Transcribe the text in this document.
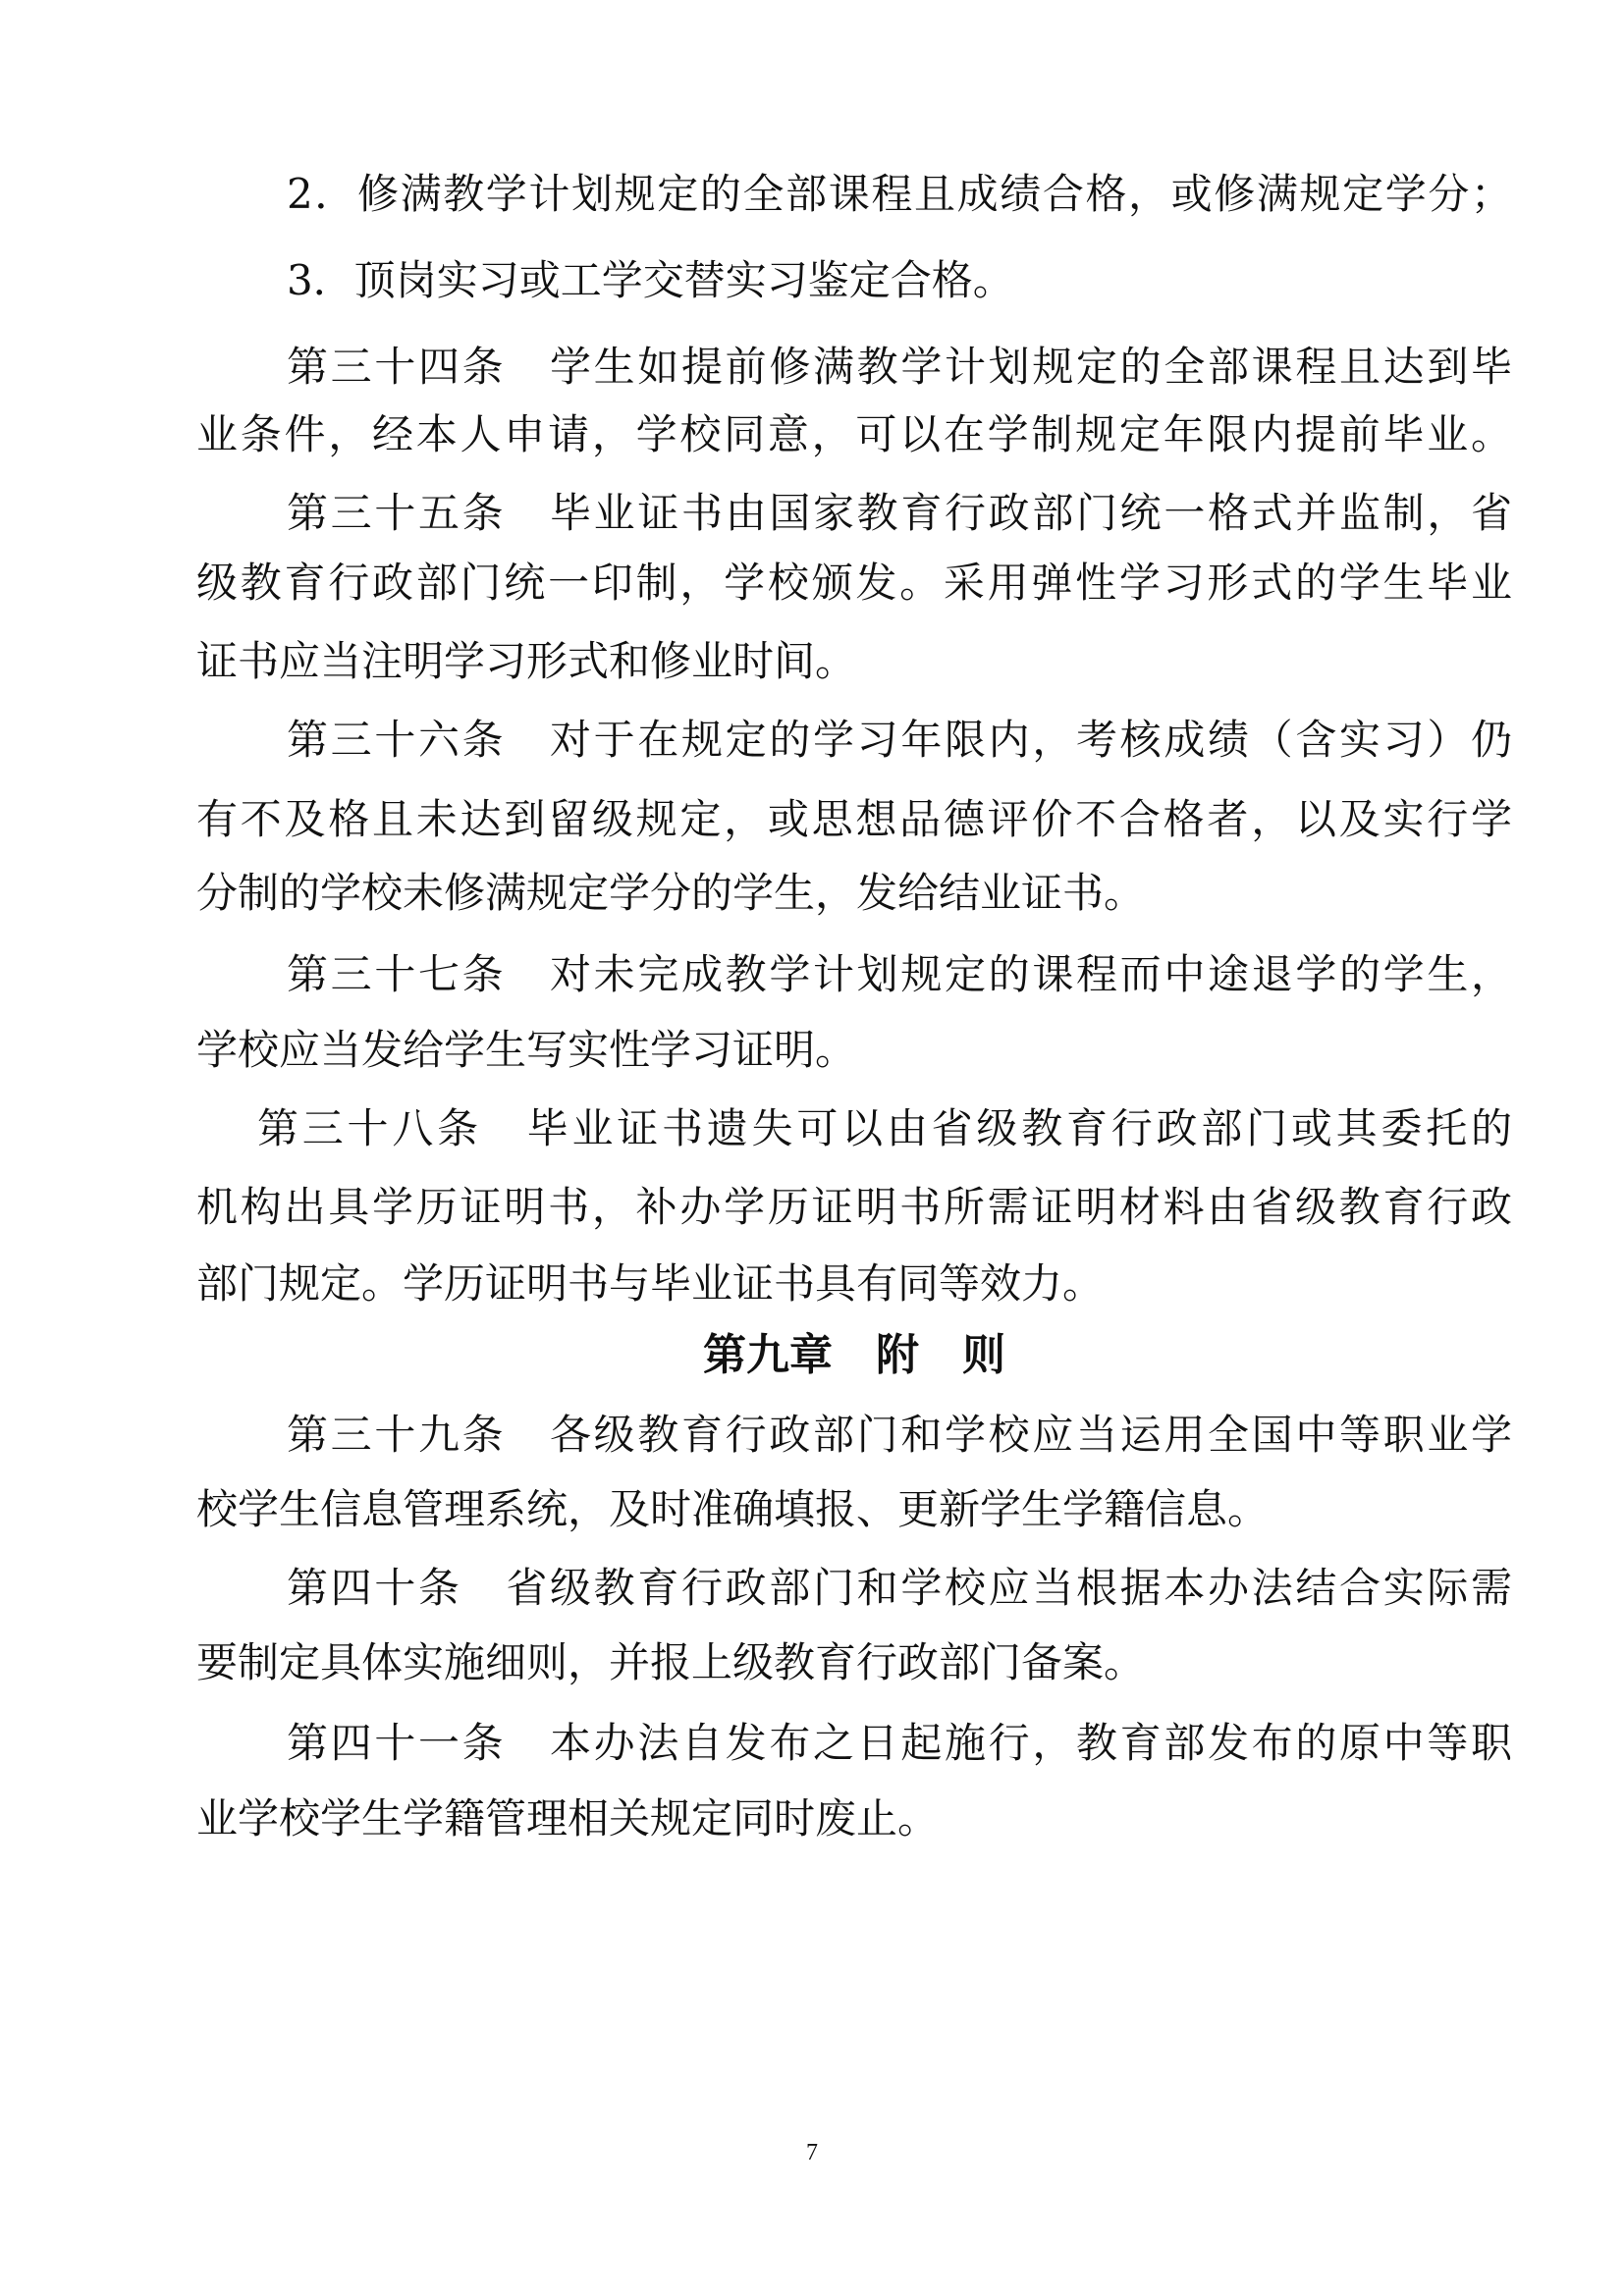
2．修满教学计划规定的全部课程且成绩合格，或修满规定学分；
3．顶岗实习或工学交替实习鉴定合格。
第三十四条　学生如提前修满教学计划规定的全部课程且达到毕
业条件，经本人申请，学校同意，可以在学制规定年限内提前毕业。
第三十五条　毕业证书由国家教育行政部门统一格式并监制，省
级教育行政部门统一印制，学校颁发。采用弹性学习形式的学生毕业
证书应当注明学习形式和修业时间。
第三十六条　对于在规定的学习年限内，考核成绩（含实习）仍
有不及格且未达到留级规定，或思想品德评价不合格者，以及实行学
分制的学校未修满规定学分的学生，发给结业证书。
第三十七条　对未完成教学计划规定的课程而中途退学的学生，
学校应当发给学生写实性学习证明。
第三十八条　毕业证书遗失可以由省级教育行政部门或其委托的
机构出具学历证明书，补办学历证明书所需证明材料由省级教育行政
部门规定。学历证明书与毕业证书具有同等效力。
第九章　附　则
第三十九条　各级教育行政部门和学校应当运用全国中等职业学
校学生信息管理系统，及时准确填报、更新学生学籍信息。
第四十条　省级教育行政部门和学校应当根据本办法结合实际需
要制定具体实施细则，并报上级教育行政部门备案。
第四十一条　本办法自发布之日起施行，教育部发布的原中等职
业学校学生学籍管理相关规定同时废止。
7
